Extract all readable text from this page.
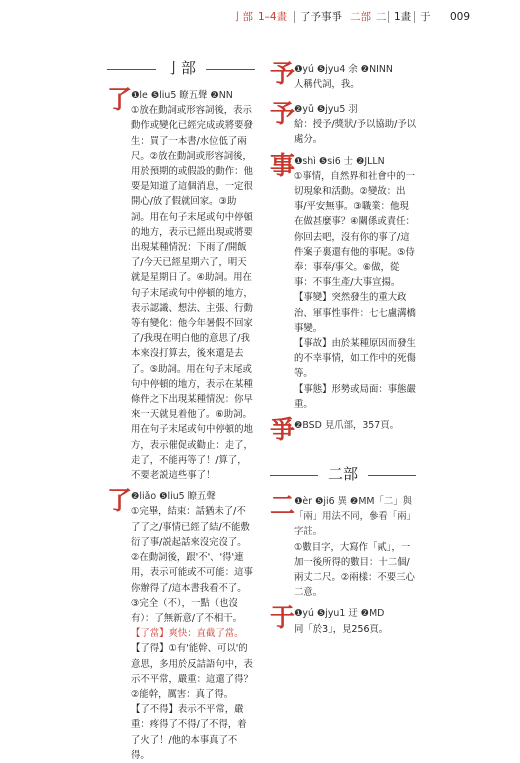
亅部 1–4畫 了予事爭 二部 二 1畫 于 009
亅部
了
❶le ❺liu5 瞭五聲 ❷NN
①放在動詞或形容詞後，表示動作或變化已經完成或將要發生：買了一本書/水位低了兩尺。②放在動詞或形容詞後，用於預期的或假設的動作：他要是知道了這個消息，一定很開心/放了假就回家。③助詞。用在句子末尾或句中停頓的地方，表示已經出現或將要出現某種情況：下雨了/開飯了/今天已經星期六了，明天就是星期日了。④助詞。用在句子末尾或句中停頓的地方，表示認識、想法、主張、行動等有變化：他今年暑假不回家了/我現在明白他的意思了/我本來沒打算去，後來還是去了。⑤助詞。用在句子末尾或句中停頓的地方，表示在某種條件之下出現某種情況：你早來一天就見着他了。⑥助詞。用在句子末尾或句中停頓的地方，表示催促或勸止：走了，走了，不能再等了！/算了，不要老説這些事了！
了
❷liǎo ❺liu5 瞭五聲
①完畢，結束：話猶未了/不了了之/事情已經了結/不能敷衍了事/説起話來沒完沒了。②在動詞後，跟'不'、'得'連用，表示可能或不可能：這事你辦得了/這本書我看不了。③完全（不），一點（也沒有）：了無新意/了不相干。
【了當】爽快：直截了當。
【了得】①有'能幹、可以'的意思，多用於反詰語句中，表示不平常，嚴重：這還了得？②能幹，厲害：真了得。
【了不得】表示不平常，嚴重：疼得了不得/了不得，着了火了！/他的本事真了不得。
予
❶yú ❺jyu4 余 ❷NINN
人稱代詞，我。
予
❷yǔ ❺jyu5 羽
給：授予/獎狀/予以協助/予以處分。
事
❶shì ❺si6 士 ❷JLLN
①事情，自然界和社會中的一切現象和活動。②變故：出事/平安無事。③職業：他現在做甚麼事？④關係或責任：你回去吧，沒有你的事了/這件案子裏還有他的事呢。⑤侍奉：事奉/事父。⑥做，從事：不事生產/大事宣揚。
【事變】突然發生的重大政治、軍事性事件：七七盧溝橋事變。
【事故】由於某種原因而發生的不幸事情，如工作中的死傷等。
【事態】形勢或局面：事態嚴重。
爭
❷BSD 見爪部，357頁。
二部
二
❶èr ❺ji6 異 ❷MM「二」與「兩」用法不同，參看「兩」字註。
①數目字，大寫作「貳」，一加一後所得的數目：十二個/兩丈二尺。②兩樣：不要三心二意。
于
❶yú ❺jyu1 迂 ❷MD
同「於3」，見256頁。
